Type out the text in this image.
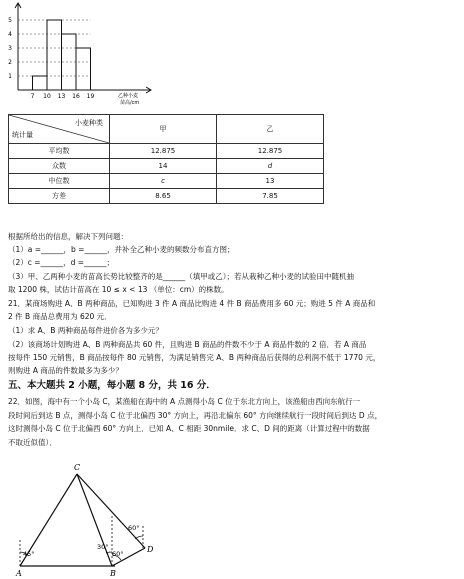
5
4
3
2
1
7 10 13 16 19	乙种小麦
苗高/cm
小麦种类
统计量	甲	乙
平均数	12.875	12.875
众数	14	d
中位数	c	13
方差	8.65	7.85
根据所给出的信息，解决下列问题：
（1）a =______，b =______，并补全乙种小麦的频数分布直方图；
（2）c =______，d =______；
（3）甲、乙两种小麦的苗高长势比较整齐的是______（填甲或乙）；若从栽种乙种小麦的试验田中随机抽
取 1200 株，试估计苗高在 10 ≤ x < 13 （单位：cm）的株数。
21．某商场购进 A、B 两种商品，已知购进 3 件 A 商品比购进 4 件 B 商品费用多 60 元；购进 5 件 A 商品和
2 件 B 商品总费用为 620 元．
（1）求 A、B 两种商品每件进价各为多少元？
（2）该商场计划购进 A、B 两种商品共 60 件，且购进 B 商品的件数不少于 A 商品件数的 2 倍．若 A 商品
按每件 150 元销售，B 商品按每件 80 元销售，为满足销售完 A、B 两种商品后获得的总利润不低于 1770 元，
则购进 A 商品的件数最多为多少？
五、本大题共 2 小题，每小题 8 分，共 16 分．
22．如图，海中有一个小岛 C，某渔船在海中的 A 点测得小岛 C 位于东北方向上，该渔船由西向东航行一
段时间后到达 B 点，测得小岛 C 位于北偏西 30° 方向上，再沿北偏东 60° 方向继续航行一段时间后到达 D 点，
这时测得小岛 C 位于北偏西 60° 方向上．已知 A、C 相距 30nmile．求 C、D 间的距离（计算过程中的数据
不取近似值）．
C
A	B
D
45°
30°
60°
60°
